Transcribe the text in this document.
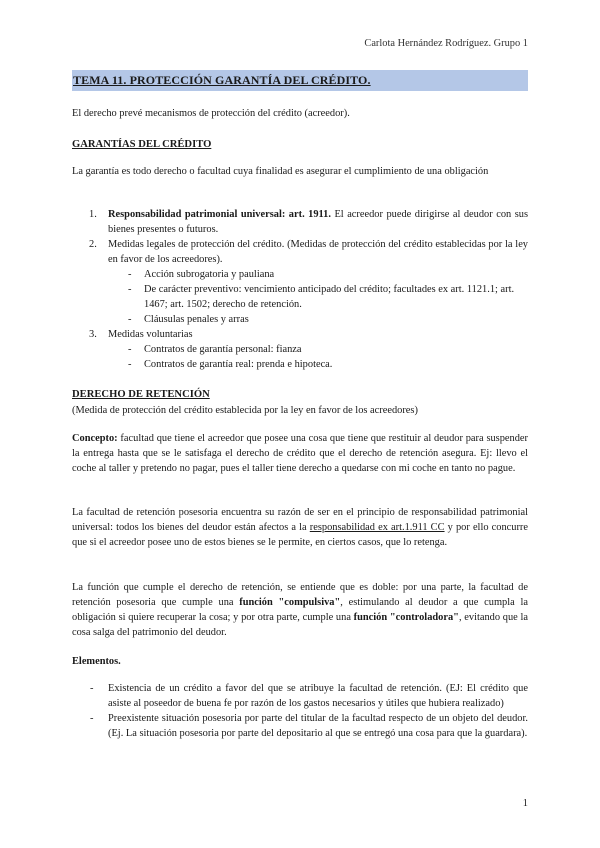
Carlota Hernández Rodríguez. Grupo 1
TEMA 11. PROTECCIÓN GARANTÍA DEL CRÉDITO.
El derecho prevé mecanismos de protección del crédito (acreedor).
GARANTÍAS DEL CRÉDITO
La garantía es todo derecho o facultad cuya finalidad es asegurar el cumplimiento de una obligación
1. Responsabilidad patrimonial universal: art. 1911. El acreedor puede dirigirse al deudor con sus bienes presentes o futuros.
2. Medidas legales de protección del crédito. (Medidas de protección del crédito establecidas por la ley en favor de los acreedores).
- Acción subrogatoria y pauliana
- De carácter preventivo: vencimiento anticipado del crédito; facultades ex art. 1121.1; art. 1467; art. 1502; derecho de retención.
- Cláusulas penales y arras
3. Medidas voluntarias
- Contratos de garantía personal: fianza
- Contratos de garantía real: prenda e hipoteca.
DERECHO DE RETENCIÓN
(Medida de protección del crédito establecida por la ley en favor de los acreedores)
Concepto: facultad que tiene el acreedor que posee una cosa que tiene que restituir al deudor para suspender la entrega hasta que se le satisfaga el derecho de crédito que el derecho de retención asegura. Ej: llevo el coche al taller y pretendo no pagar, pues el taller tiene derecho a quedarse con mi coche en tanto no pague.
La facultad de retención posesoria encuentra su razón de ser en el principio de responsabilidad patrimonial universal: todos los bienes del deudor están afectos a la responsabilidad ex art.1.911 CC y por ello concurre que si el acreedor posee uno de estos bienes se le permite, en ciertos casos, que lo retenga.
La función que cumple el derecho de retención, se entiende que es doble: por una parte, la facultad de retención posesoria que cumple una función "compulsiva", estimulando al deudor a que cumpla la obligación si quiere recuperar la cosa; y por otra parte, cumple una función "controladora", evitando que la cosa salga del patrimonio del deudor.
Elementos.
- Existencia de un crédito a favor del que se atribuye la facultad de retención. (EJ: El crédito que asiste al poseedor de buena fe por razón de los gastos necesarios y útiles que hubiera realizado)
- Preexistente situación posesoria por parte del titular de la facultad respecto de un objeto del deudor. (Ej. La situación posesoria por parte del depositario al que se entregó una cosa para que la guardara).
1
